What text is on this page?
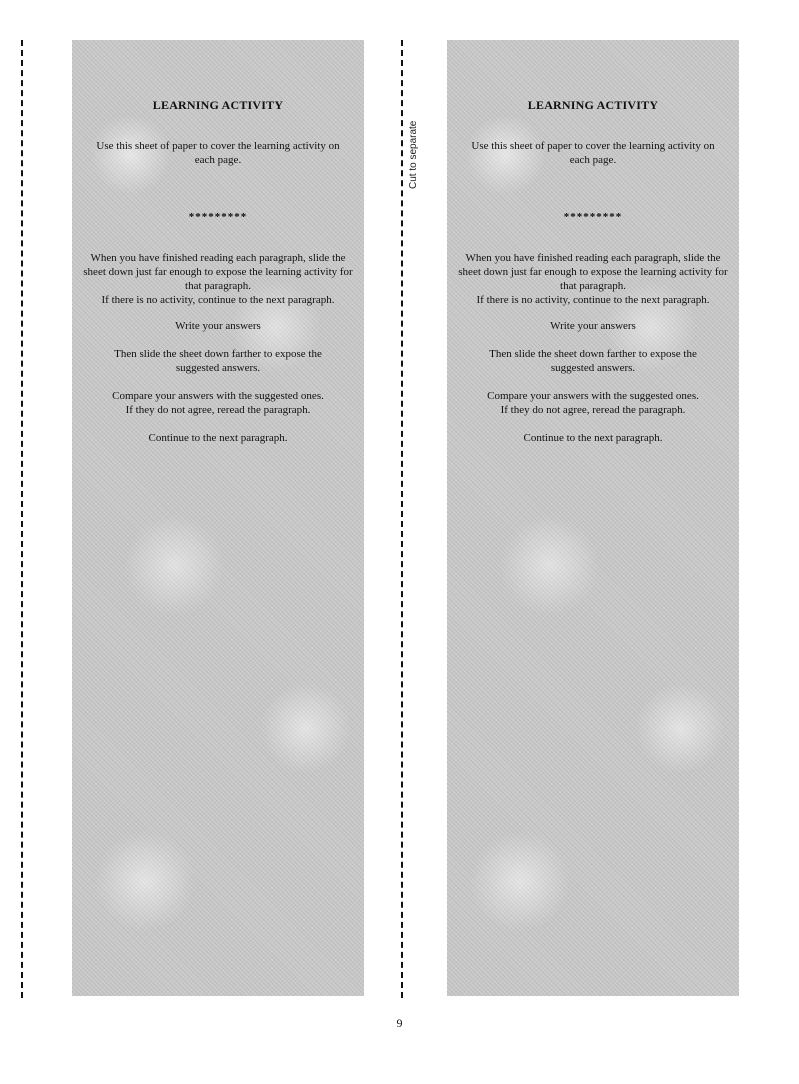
Cut to separate
LEARNING ACTIVITY
Use this sheet of paper to cover the learning activity on each page.
*********
When you have finished reading each paragraph, slide the sheet down just far enough to expose the learning activity for that paragraph.
If there is no activity, continue to the next paragraph.
Write your answers
Then slide the sheet down farther to expose the suggested answers.
Compare your answers with the suggested ones.
If they do not agree, reread the paragraph.
Continue to the next paragraph.
LEARNING ACTIVITY
Use this sheet of paper to cover the learning activity on each page.
*********
When you have finished reading each paragraph, slide the sheet down just far enough to expose the learning activity for that paragraph.
If there is no activity, continue to the next paragraph.
Write your answers
Then slide the sheet down farther to expose the suggested answers.
Compare your answers with the suggested ones.
If they do not agree, reread the paragraph.
Continue to the next paragraph.
9
